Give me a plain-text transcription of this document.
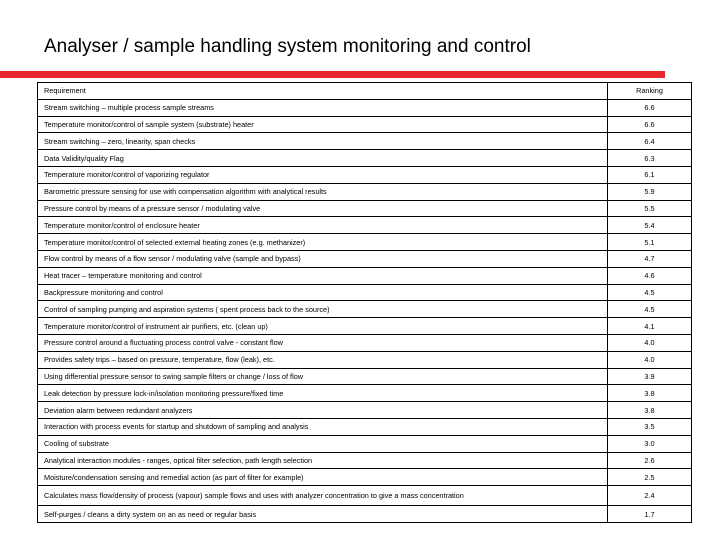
Analyser / sample handling system monitoring and control
Requirement	Ranking
Stream switching – multiple process sample streams	6.6
Temperature monitor/control of sample system (substrate) heater	6.6
Stream switching – zero, linearity, span checks	6.4
Data Validity/quality Flag	6.3
Temperature monitor/control of vaporizing regulator	6.1
Barometric pressure sensing for use with compensation algorithm with analytical results	5.9
Pressure control by means of a pressure sensor / modulating valve	5.5
Temperature monitor/control of enclosure heater	5.4
Temperature monitor/control of selected external heating zones (e.g. methanizer)	5.1
Flow control by means of a flow sensor / modulating valve (sample and bypass)	4.7
Heat tracer – temperature monitoring and control	4.6
Backpressure monitoring and control	4.5
Control of sampling pumping and aspiration systems ( spent process back to the source)	4.5
Temperature monitor/control of instrument air purifiers, etc. (clean up)	4.1
Pressure control around a fluctuating process control valve - constant flow	4.0
Provides safety trips – based on pressure, temperature, flow (leak), etc.	4.0
Using differential pressure sensor to swing sample filters or change / loss of flow	3.9
Leak detection by pressure lock-in/isolation monitoring pressure/fixed time	3.8
Deviation alarm between redundant analyzers	3.8
Interaction with process events for startup and shutdown of sampling and analysis	3.5
Cooling of substrate	3.0
Analytical interaction modules - ranges, optical filter selection, path length selection	2.6
Moisture/condensation sensing and remedial action (as part of filter for example)	2.5
Calculates mass flow/density of process (vapour) sample flows and uses with analyzer concentration to give a mass concentration	2.4
Self-purges / cleans a dirty system on an as need or regular basis	1.7
